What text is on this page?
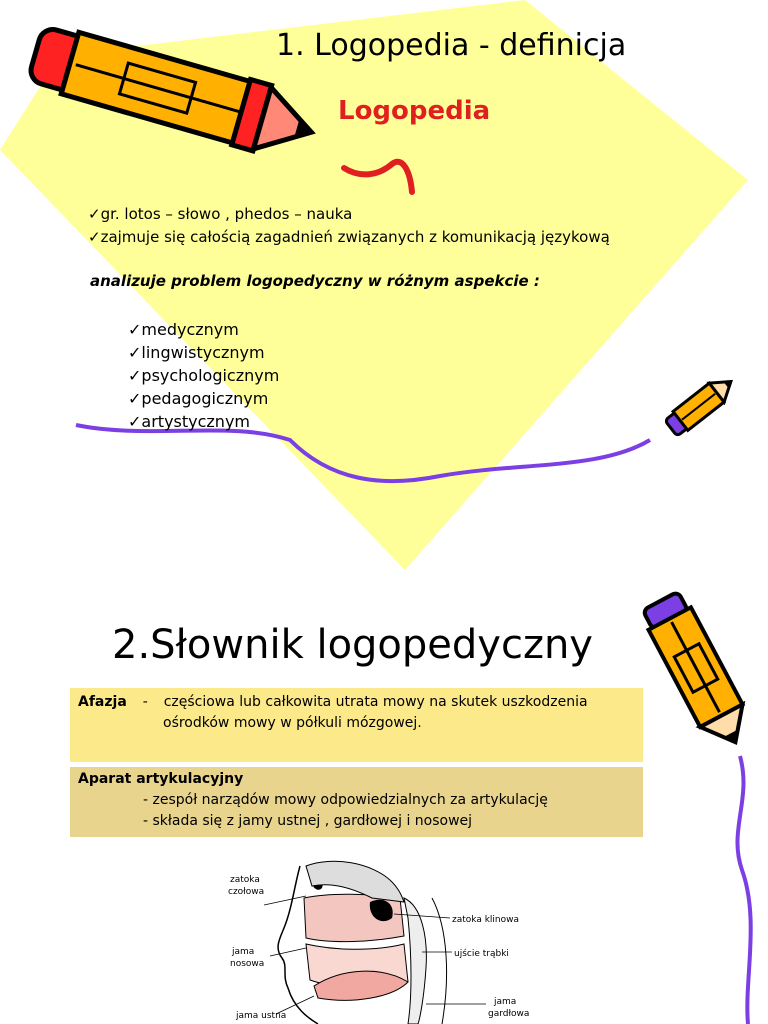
1. Logopedia - definicja
Logopedia
✓gr. lotos – słowo , phedos – nauka
✓zajmuje się całością zagadnień związanych z komunikacją językową
analizuje problem logopedyczny w różnym aspekcie :
✓medycznym
✓lingwistycznym
✓psychologicznym
✓pedagogicznym
✓artystycznym
2.Słownik logopedyczny
Afazja - częściowa lub całkowita utrata mowy na skutek uszkodzenia
ośrodków mowy w półkuli mózgowej.
Aparat artykulacyjny
- zespół narządów mowy odpowiedzialnych za artykulację
- składa się z jamy ustnej , gardłowej i nosowej
zatoka
czołowa
jama
nosowa
jama ustna
zatoka klinowa
ujście trąbki
jama
gardłowa
